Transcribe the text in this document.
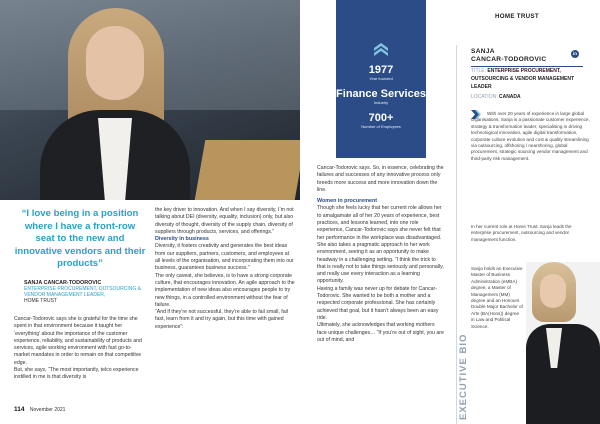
“I love being in a position where I have a front-row seat to the new and innovative vendors and their products”
SANJA CANCAR-TODOROVIC
ENTERPRISE PROCUREMENT, OUTSOURCING & VENDOR MANAGEMENT LEADER,
HOME TRUST

Cancar-Todorovic says she is grateful for the time she spent in that environment because it taught her ‘everything’ about the importance of the customer experience, reliability, and sustainability of products and services, agile working environment with fast go-to-market mandates in order to remain on that competitive edge.

But, she says, “The most importantly, telco experience instilled in me is that diversity is

the key driver to innovation. And when I say diversity, I’m not talking about DEI (diversity, equality, inclusion) only, but also diversity of thought, diversity of the supply chain, diversity of suppliers through products, services, and offerings.”

Diversity in business

Diversity, it fosters creativity and generates the best ideas from our suppliers, partners, customers, and employees at all levels of the organisation, and incorporating them into our business, guarantees business success.”

The only caveat, she believes, is to have a strong corporate culture, that encourages innovation. An agile approach to the implementation of new ideas also encourages people to try new things, in a controlled environment without the fear of failure.

“And if they’re not successful, they’re able to fail small, fail fast, learn from it and try again, but this time with gained experience”:

1977
Year founded
Finance Services
Industry
700+
Number of Employees

Cancar-Todorovic says. So, in essence, celebrating the failures and successes of any innovative process only breeds more success and more innovation down the line.

Women in procurement

Though she feels lucky that her current role allows her to amalgamate all of her 20 years of experience, best practices, and lessons learned, into one role experience, Cancar-Todorovic says she never felt that her performance in the workplace was disadvantaged.

She also takes a pragmatic approach to her work environment, seeing it as an opportunity to make headway in a challenging setting. “I think the trick to that is really not to take things seriously and personally, and really use every interaction as a learning opportunity.

Having a family was never up for debate for Cancar-Todorovic. She wanted to be both a mother and a respected corporate professional. She has certainly achieved that goal, but it hasn’t always been an easy ride.

Ultimately, she acknowledges that working mothers face unique challenges… “If you’re out of sight, you are out of mind, and

HOME TRUST
SANJA
CANCAR-TODOROVIC
in
TITLE: ENTERPRISE PROCUREMENT, OUTSOURCING & VENDOR MANAGEMENT LEADER
LOCATION: CANADA
With over 20 years of experience in large global
organisations, Sanja is a passionate customer experience, strategy & transformation leader, specialising in driving technological innovation, agile digital transformation, corporate culture evolution and cost & quality streamlining via outsourcing, offshoring / nearshoring, global procurement, strategic sourcing vendor management and third-party risk management.
In her current role at Home Trust, Sanja leads the enterprise procurement, outsourcing and vendor management function.
Sanja holds an Executive Master of Business Administration (eMBA) degree, a Master of Management (MM) degree and an Honours Double Major Bachelor of Arts (BA(Hons)) degree in Law and Political Science.
EXECUTIVE BIO
114 November 2021
